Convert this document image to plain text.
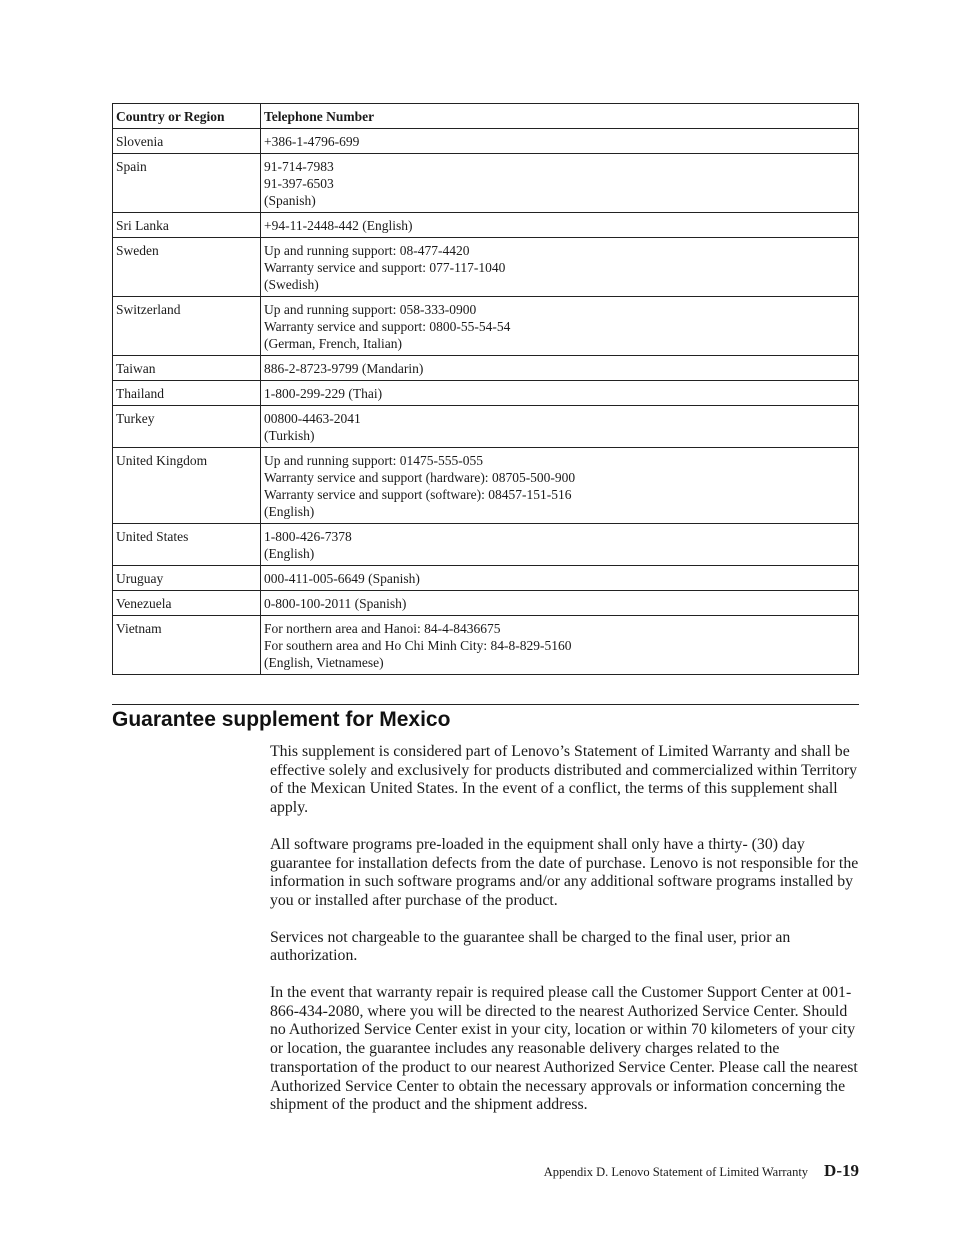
Country or Region	Telephone Number
Slovenia	+386-1-4796-699

Spain	91-714-7983
91-397-6503
(Spanish)

Sri Lanka	+94-11-2448-442 (English)

Sweden	Up and running support: 08-477-4420
Warranty service and support: 077-117-1040
(Swedish)

Switzerland	Up and running support: 058-333-0900
Warranty service and support: 0800-55-54-54
(German, French, Italian)

Taiwan	886-2-8723-9799 (Mandarin)

Thailand	1-800-299-229 (Thai)

Turkey	00800-4463-2041
(Turkish)

United Kingdom	Up and running support: 01475-555-055
Warranty service and support (hardware): 08705-500-900
Warranty service and support (software): 08457-151-516
(English)

United States	1-800-426-7378
(English)

Uruguay	000-411-005-6649 (Spanish)

Venezuela	0-800-100-2011 (Spanish)

Vietnam	For northern area and Hanoi: 84-4-8436675
For southern area and Ho Chi Minh City: 84-8-829-5160
(English, Vietnamese)
Guarantee supplement for Mexico

This supplement is considered part of Lenovo’s Statement of Limited Warranty and shall be effective solely and exclusively for products distributed and commercialized within Territory of the Mexican United States. In the event of a conflict, the terms of this supplement shall apply.

All software programs pre-loaded in the equipment shall only have a thirty- (30) day guarantee for installation defects from the date of purchase. Lenovo is not responsible for the information in such software programs and/or any additional software programs installed by you or installed after purchase of the product.

Services not chargeable to the guarantee shall be charged to the final user, prior an authorization.

In the event that warranty repair is required please call the Customer Support Center at 001-866-434-2080, where you will be directed to the nearest Authorized Service Center. Should no Authorized Service Center exist in your city, location or within 70 kilometers of your city or location, the guarantee includes any reasonable delivery charges related to the transportation of the product to our nearest Authorized Service Center. Please call the nearest Authorized Service Center to obtain the necessary approvals or information concerning the shipment of the product and the shipment address.

Appendix D. Lenovo Statement of Limited Warranty D-19
